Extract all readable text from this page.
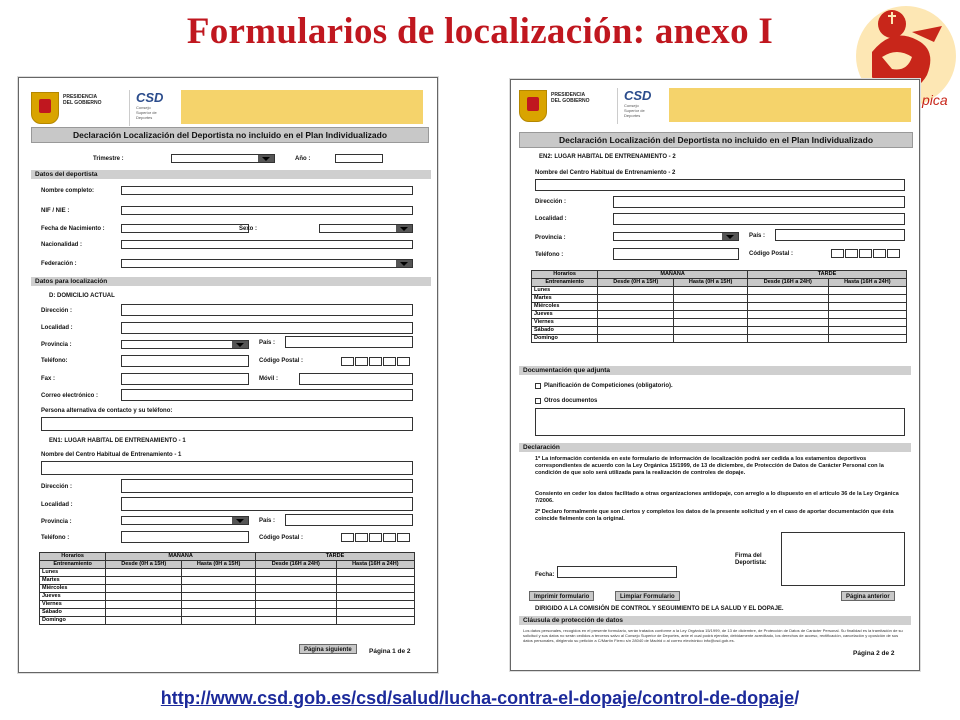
Formularios de localización: anexo I
pica
PRESIDENCIA
DEL GOBIERNO	CSD
Consejo
Superior de
Deportes
Declaración Localización del Deportista no incluido en el Plan Individualizado
Trimestre :	Año :
Datos del deportista
Nombre completo:
NIF / NIE :
Fecha de Nacimiento :	Sexo :
Nacionalidad :
Federación :
Datos para localización
D: DOMICILIO ACTUAL
Dirección :
Localidad :
Provincia :	País :
Teléfono:	Código Postal :
Fax :	Móvil :
Correo electrónico :
Persona alternativa de contacto y su teléfono:
EN1: LUGAR HABITAL DE ENTRENAMIENTO - 1
Nombre del Centro Habitual de Entrenamiento - 1
Dirección :
Localidad :
Provincia :	País :
Teléfono :	Código Postal :
Horarios	MAÑANA		TARDE	
Entrenamiento	Desde (0H a 15H)	Hasta (0H a 15H)	Desde (16H a 24H)	Hasta (16H a 24H)
Lunes				
Martes				
Miércoles				
Jueves				
Viernes				
Sábado				
Domingo				
Página siguiente	Página 1 de 2
PRESIDENCIA
DEL GOBIERNO	CSD
Consejo
Superior de
Deportes
Declaración Localización del Deportista no incluido en el Plan Individualizado
EN2: LUGAR HABITAL DE ENTRENAMIENTO - 2
Nombre del Centro Habitual de Entrenamiento - 2
Dirección :
Localidad :
Provincia :	País :
Teléfono :	Código Postal :
Horarios	MAÑANA		TARDE	
Entrenamiento	Desde (0H a 15H)	Hasta (0H a 15H)	Desde (16H a 24H)	Hasta (16H a 24H)
Lunes				
Martes				
Miércoles				
Jueves				
Viernes				
Sábado				
Domingo				
Documentación que adjunta
Planificación de Competiciones (obligatorio).
Otros documentos
Declaración
1º La información contenida en este formulario de información de localización podrá ser cedida a los estamentos deportivos correspondientes de acuerdo con la Ley Orgánica 15/1999, de 13 de diciembre, de Protección de Datos de Carácter Personal con la condición de que solo será utilizada para la realización de controles de dopaje.
Consiento en ceder los datos facilitado a otras organizaciones antidopaje, con arreglo a lo dispuesto en el artículo 36 de la Ley Orgánica 7/2006.
2º Declaro formalmente que son ciertos y completos los datos de la presente solicitud y en el caso de aportar documentación que ésta coincide fielmente con la original.
Firma del Deportista:
Fecha:
Imprimir formulario	Limpiar Formulario	Página anterior
DIRIGIDO A LA COMISIÓN DE CONTROL Y SEGUIMIENTO DE LA SALUD Y EL DOPAJE.
Cláusula de protección de datos
Los datos personales, recogidos en el presente formulario, serán tratados conforme a la Ley Orgánica 15/1999, de 13 de diciembre, de Protección de Datos de Carácter Personal. Su finalidad es la tramitación de su solicitud y sus datos no serán cedidos a terceros salvo al Consejo Superior de Deportes, ante el cual podrá ejercitar, debidamente acreditado, los derechos de acceso, rectificación, cancelación y oposición de sus datos personales, dirigiendo su petición a C/Martín Fierro s/n 28040 de Madrid o al correo electrónico info@csd.gob.es.
Página 2 de 2
http://www.csd.gob.es/csd/salud/lucha-contra-el-dopaje/control-de-dopaje/
